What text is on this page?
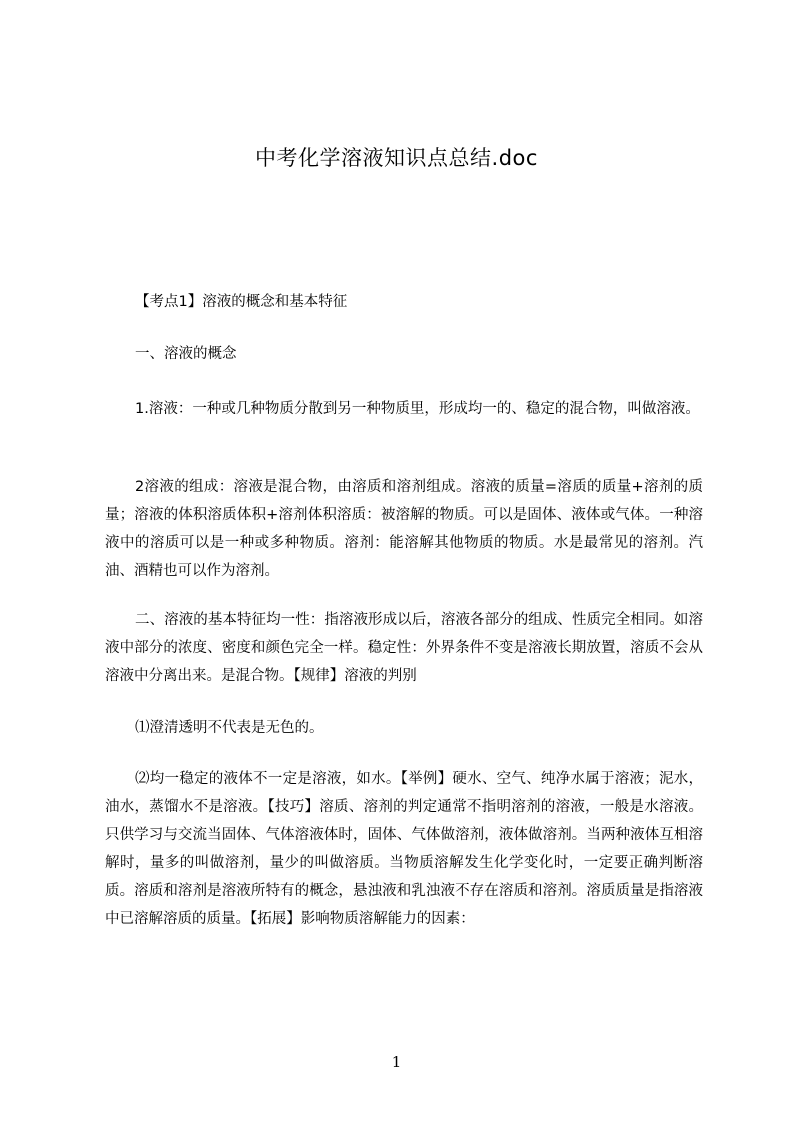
中考化学溶液知识点总结.doc

【考点1】溶液的概念和基本特征

一、溶液的概念

1.溶液：一种或几种物质分散到另一种物质里，形成均一的、稳定的混合物，叫做溶液。

2溶液的组成：溶液是混合物，由溶质和溶剂组成。溶液的质量=溶质的质量+溶剂的质量；溶液的体积溶质体积+溶剂体积溶质：被溶解的物质。可以是固体、液体或气体。一种溶液中的溶质可以是一种或多种物质。溶剂：能溶解其他物质的物质。水是最常见的溶剂。汽油、酒精也可以作为溶剂。

二、溶液的基本特征均一性：指溶液形成以后，溶液各部分的组成、性质完全相同。如溶液中部分的浓度、密度和颜色完全一样。稳定性：外界条件不变是溶液长期放置，溶质不会从溶液中分离出来。是混合物。【规律】溶液的判别

⑴澄清透明不代表是无色的。

⑵均一稳定的液体不一定是溶液，如水。【举例】硬水、空气、纯净水属于溶液；泥水，油水，蒸馏水不是溶液。【技巧】溶质、溶剂的判定通常不指明溶剂的溶液，一般是水溶液。只供学习与交流当固体、气体溶液体时，固体、气体做溶剂，液体做溶剂。当两种液体互相溶解时，量多的叫做溶剂，量少的叫做溶质。当物质溶解发生化学变化时，一定要正确判断溶质。溶质和溶剂是溶液所特有的概念，悬浊液和乳浊液不存在溶质和溶剂。溶质质量是指溶液中已溶解溶质的质量。【拓展】影响物质溶解能力的因素：

1
